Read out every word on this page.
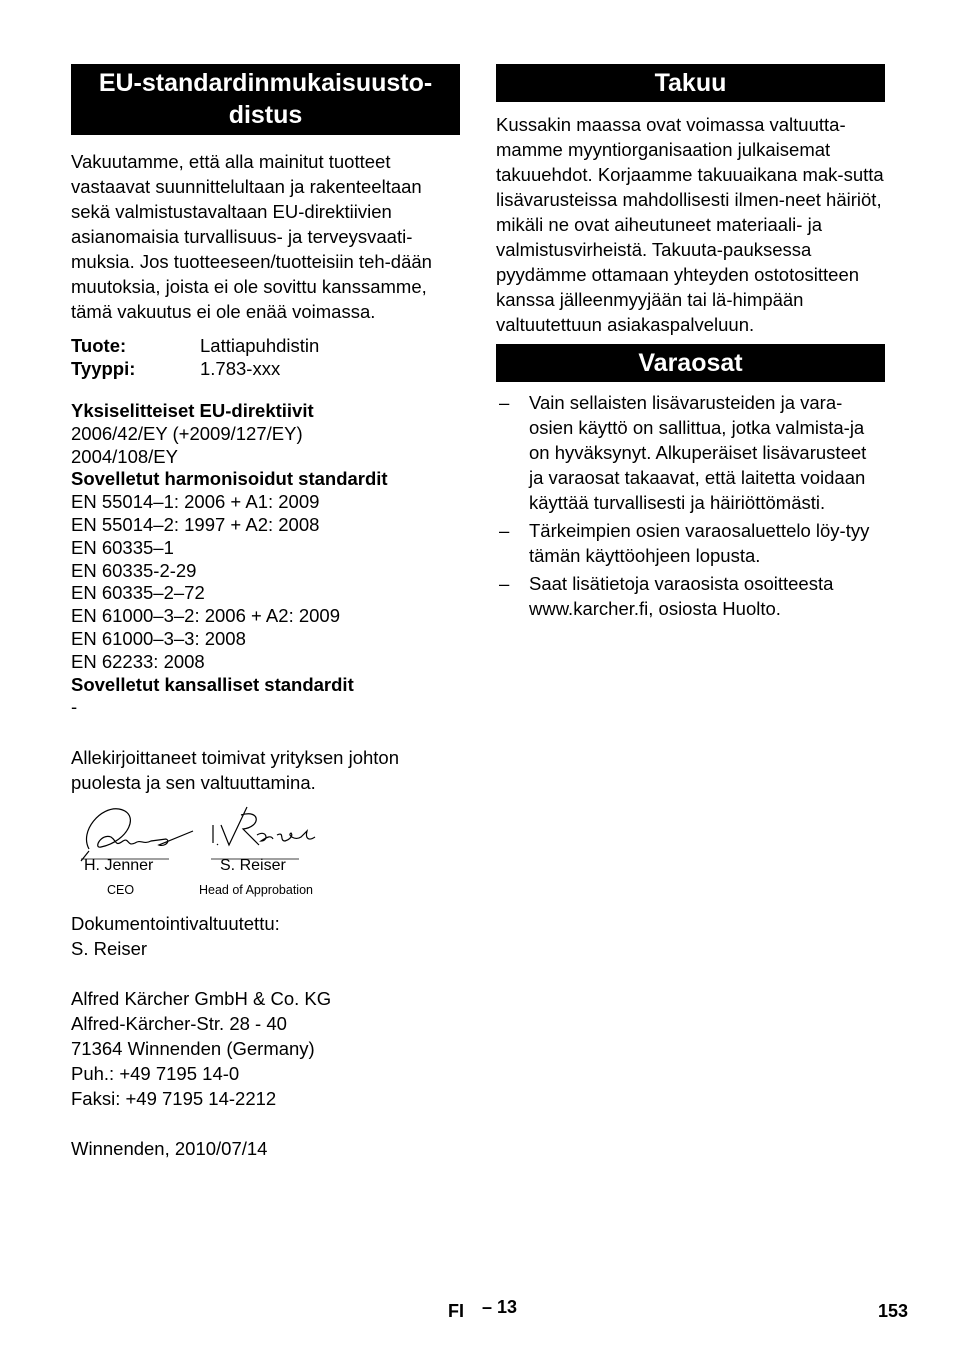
EU-standardinmukaisuusto-
distus

Vakuutamme, että alla mainitut tuotteet vastaavat suunnittelultaan ja rakenteeltaan sekä valmistustavaltaan EU-direktiivien asianomaisia turvallisuus- ja terveysvaati-muksia. Jos tuotteeseen/tuotteisiin teh-dään muutoksia, joista ei ole sovittu kanssamme, tämä vakuutus ei ole enää voimassa.

Tuote:	Lattiapuhdistin
Tyyppi:	1.783-xxx
Yksiselitteiset EU-direktiivit
2006/42/EY (+2009/127/EY)
2004/108/EY
Sovelletut harmonisoidut standardit
EN 55014–1: 2006 + A1: 2009
EN 55014–2: 1997 + A2: 2008
EN 60335–1
EN 60335-2-29
EN 60335–2–72
EN 61000–3–2: 2006 + A2: 2009
EN 61000–3–3: 2008
EN 62233: 2008
Sovelletut kansalliset standardit
-

Allekirjoittaneet toimivat yrityksen johton puolesta ja sen valtuuttamina.

H. Jenner
CEO
S. Reiser
Head of Approbation

Dokumentointivaltuutettu:

S. Reiser

Alfred Kärcher GmbH & Co. KG

Alfred-Kärcher-Str. 28 - 40

71364 Winnenden (Germany)

Puh.: +49 7195 14-0

Faksi: +49 7195 14-2212

Winnenden, 2010/07/14

Takuu

Kussakin maassa ovat voimassa valtuutta-mamme myyntiorganisaation julkaisemat takuuehdot. Korjaamme takuuaikana mak-sutta lisävarusteissa mahdollisesti ilmen-neet häiriöt, mikäli ne ovat aiheutuneet materiaali- ja valmistusvirheistä. Takuuta-pauksessa pyydämme ottamaan yhteyden ostotositteen kanssa jälleenmyyjään tai lä-himpään valtuutettuun asiakaspalveluun.

Varaosat
– Vain sellaisten lisävarusteiden ja vara-osien käyttö on sallittua, jotka valmista-ja on hyväksynyt. Alkuperäiset lisävarusteet ja varaosat takaavat, että laitetta voidaan käyttää turvallisesti ja häiriöttömästi.
– Tärkeimpien osien varaosaluettelo löy-tyy tämän käyttöohjeen lopusta.
– Saat lisätietoja varaosista osoitteesta www.karcher.fi, osiosta Huolto.
FI – 13	153
